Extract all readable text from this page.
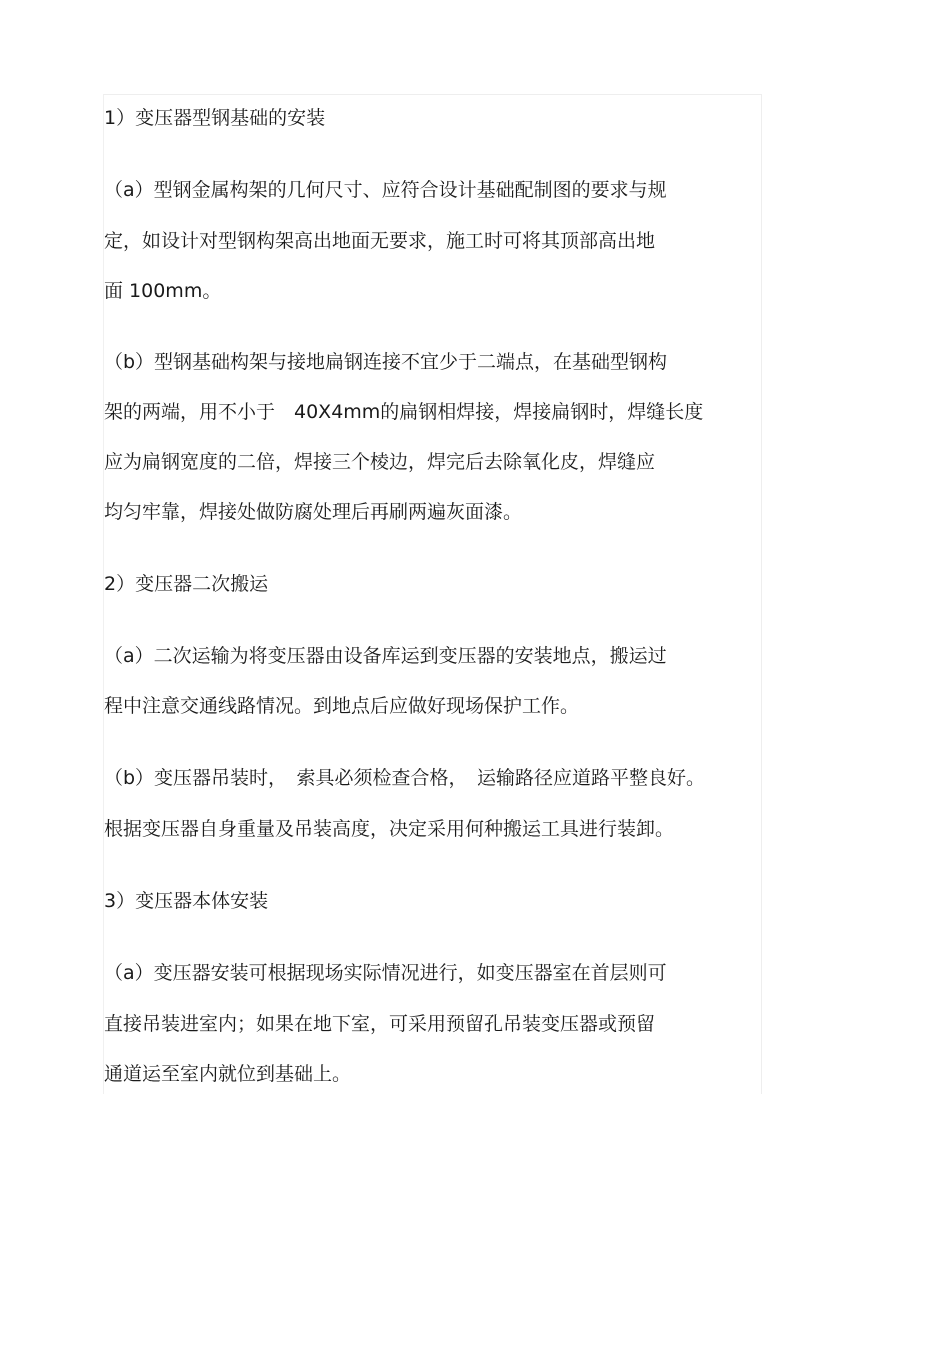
1）变压器型钢基础的安装
（a）型钢金属构架的几何尺寸、应符合设计基础配制图的要求与规
定，如设计对型钢构架高出地面无要求，施工时可将其顶部高出地
面 100mm。
（b）型钢基础构架与接地扁钢连接不宜少于二端点，在基础型钢构
架的两端，用不小于　40X4mm的扁钢相焊接，焊接扁钢时，焊缝长度
应为扁钢宽度的二倍，焊接三个棱边，焊完后去除氧化皮，焊缝应
均匀牢靠，焊接处做防腐处理后再刷两遍灰面漆。
2）变压器二次搬运
（a）二次运输为将变压器由设备库运到变压器的安装地点，搬运过
程中注意交通线路情况。到地点后应做好现场保护工作。
（b）变压器吊装时，　索具必须检查合格，　运输路径应道路平整良好。
根据变压器自身重量及吊装高度，决定采用何种搬运工具进行装卸。
3）变压器本体安装
（a）变压器安装可根据现场实际情况进行，如变压器室在首层则可
直接吊装进室内；如果在地下室，可采用预留孔吊装变压器或预留
通道运至室内就位到基础上。
